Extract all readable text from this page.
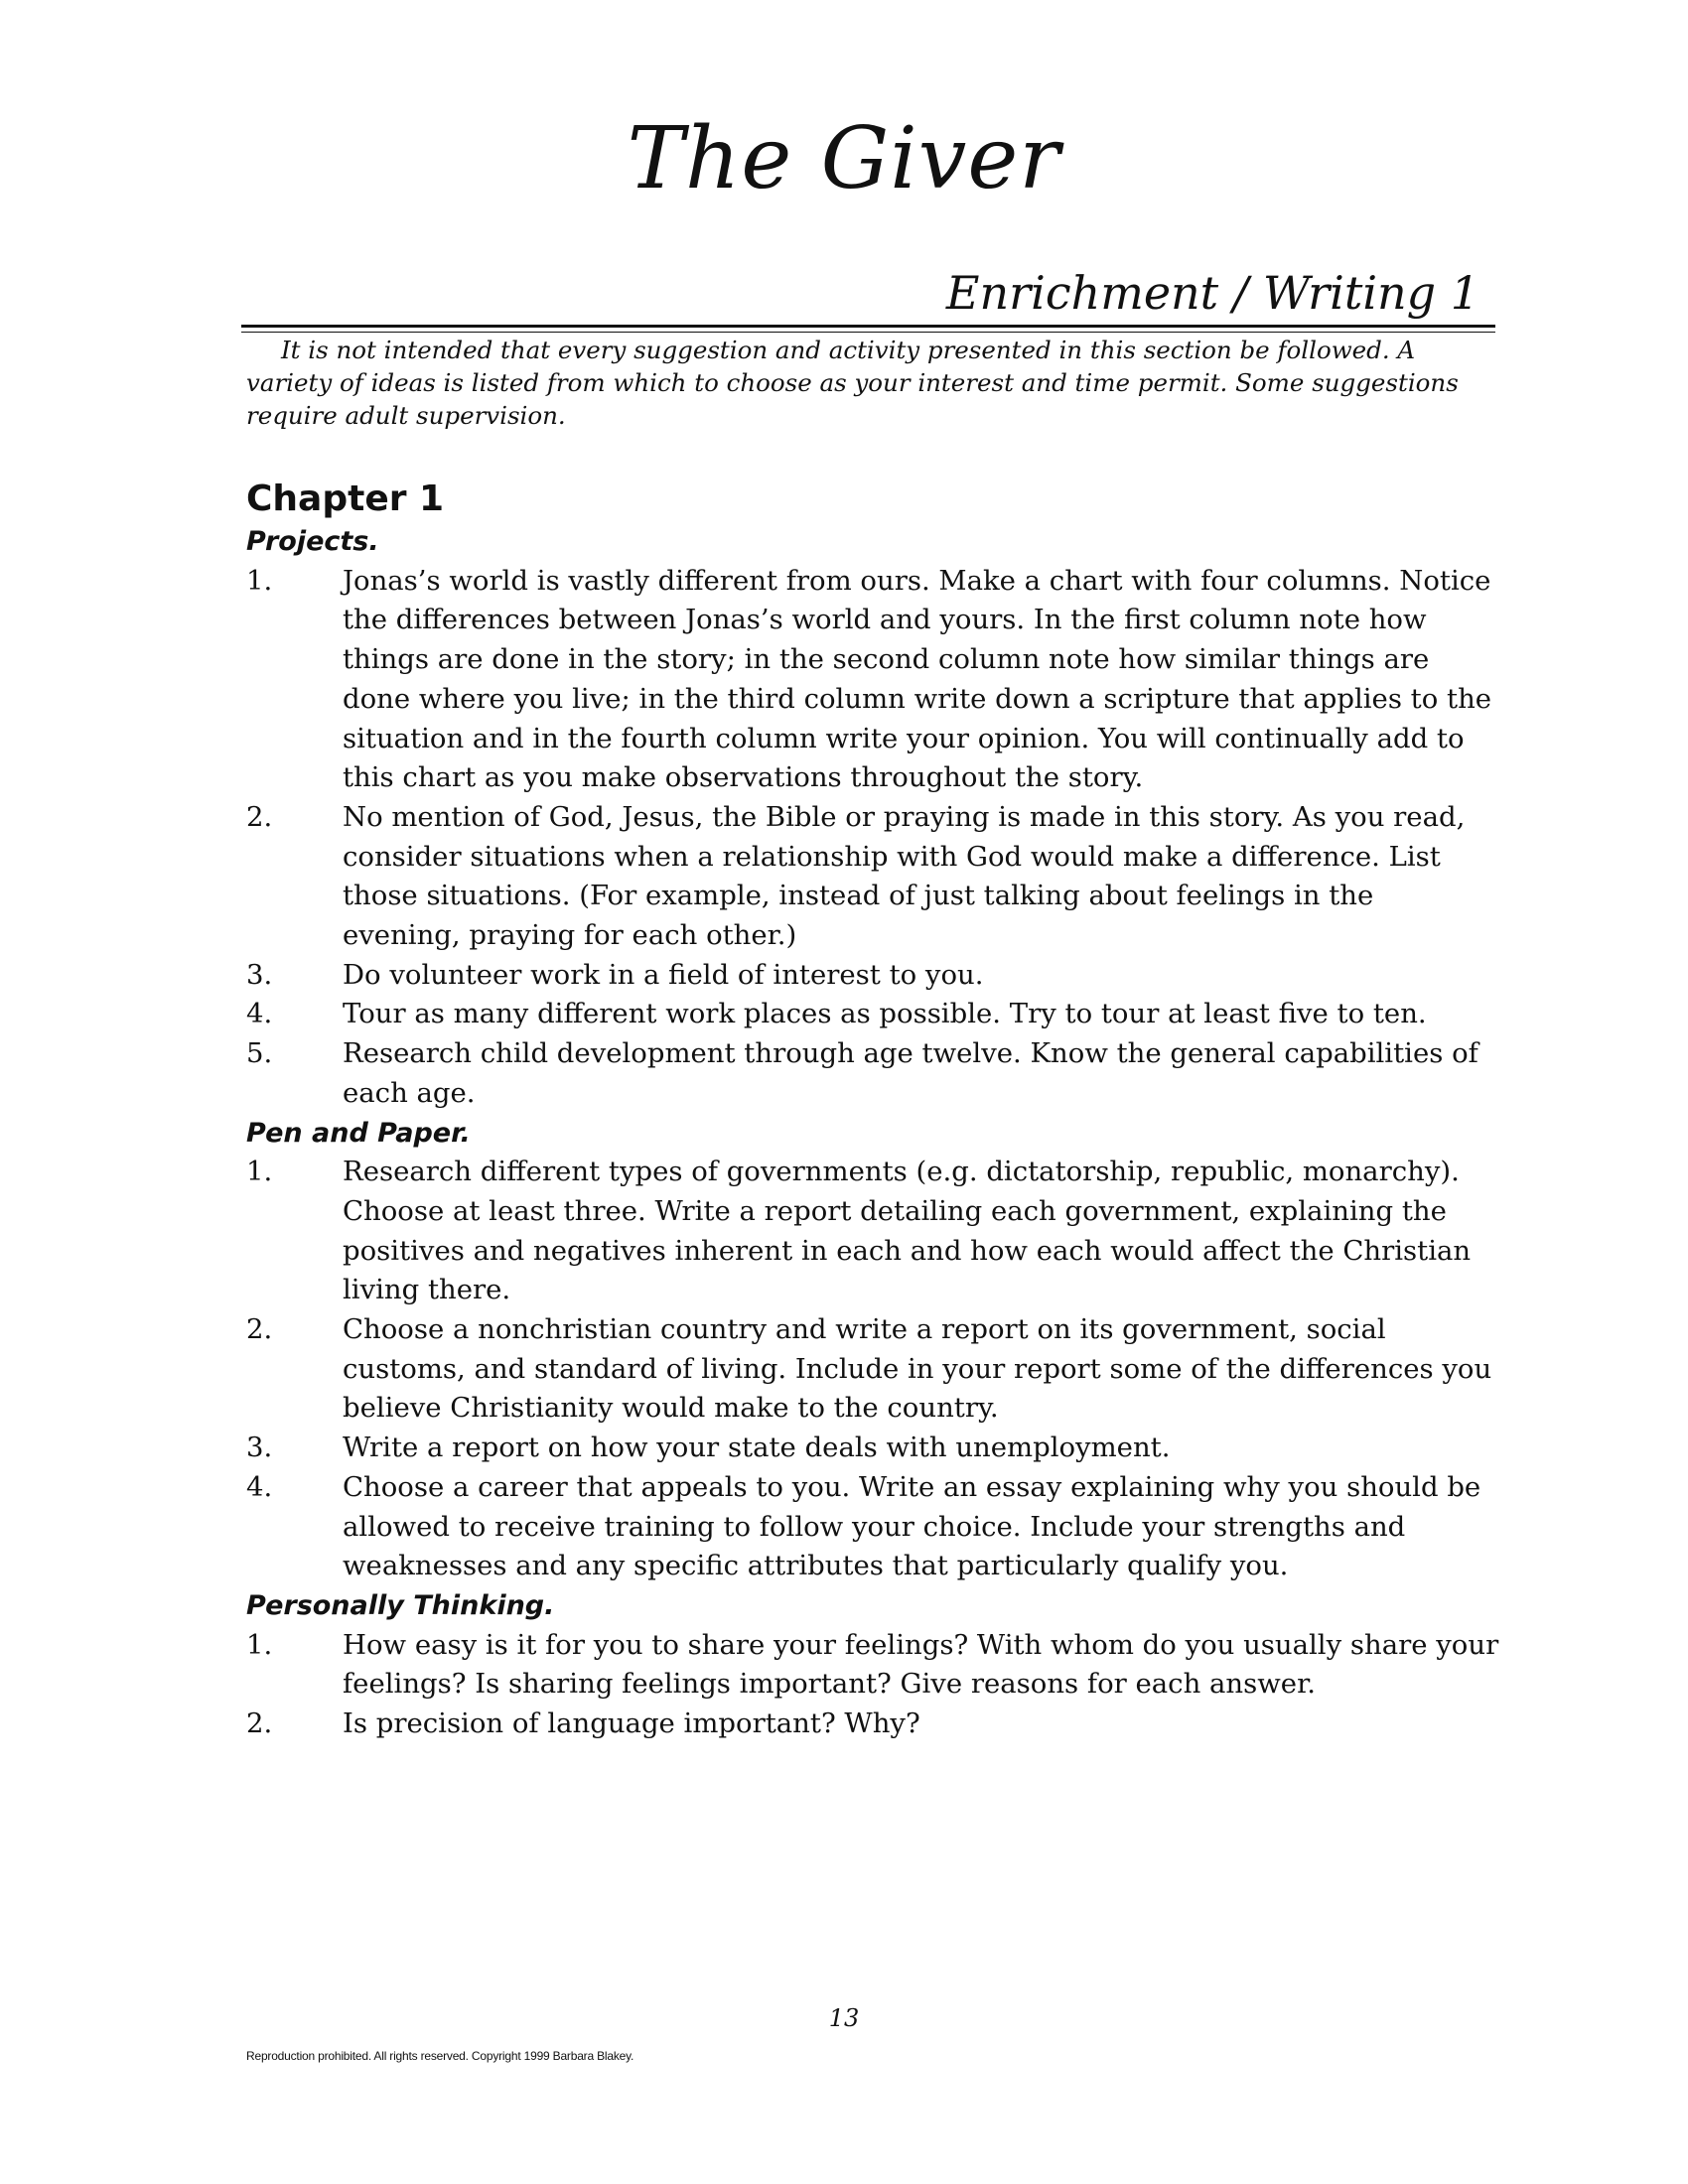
The Giver
Enrichment / Writing 1

It is not intended that every suggestion and activity presented in this section be followed. A variety of ideas is listed from which to choose as your interest and time permit. Some suggestions require adult supervision.

Chapter 1
Projects.
1.	Jonas’s world is vastly different from ours. Make a chart with four columns. Notice the differences between Jonas’s world and yours. In the first column note how things are done in the story; in the second column note how similar things are done where you live; in the third column write down a scripture that applies to the situation and in the fourth column write your opinion. You will continually add to this chart as you make observations throughout the story.
2.	No mention of God, Jesus, the Bible or praying is made in this story. As you read, consider situations when a relationship with God would make a difference. List those situations. (For example, instead of just talking about feelings in the evening, praying for each other.)
3.	Do volunteer work in a field of interest to you.
4.	Tour as many different work places as possible. Try to tour at least five to ten.
5.	Research child development through age twelve. Know the general capabilities of each age.
Pen and Paper.
1.	Research different types of governments (e.g. dictatorship, republic, monarchy). Choose at least three. Write a report detailing each government, explaining the positives and negatives inherent in each and how each would affect the Christian living there.
2.	Choose a nonchristian country and write a report on its government, social customs, and standard of living. Include in your report some of the differences you believe Christianity would make to the country.
3.	Write a report on how your state deals with unemployment.
4.	Choose a career that appeals to you. Write an essay explaining why you should be allowed to receive training to follow your choice. Include your strengths and weaknesses and any specific attributes that particularly qualify you.
Personally Thinking.
1.	How easy is it for you to share your feelings? With whom do you usually share your feelings? Is sharing feelings important? Give reasons for each answer.
2.	Is precision of language important? Why?
13
Reproduction prohibited. All rights reserved. Copyright 1999 Barbara Blakey.
